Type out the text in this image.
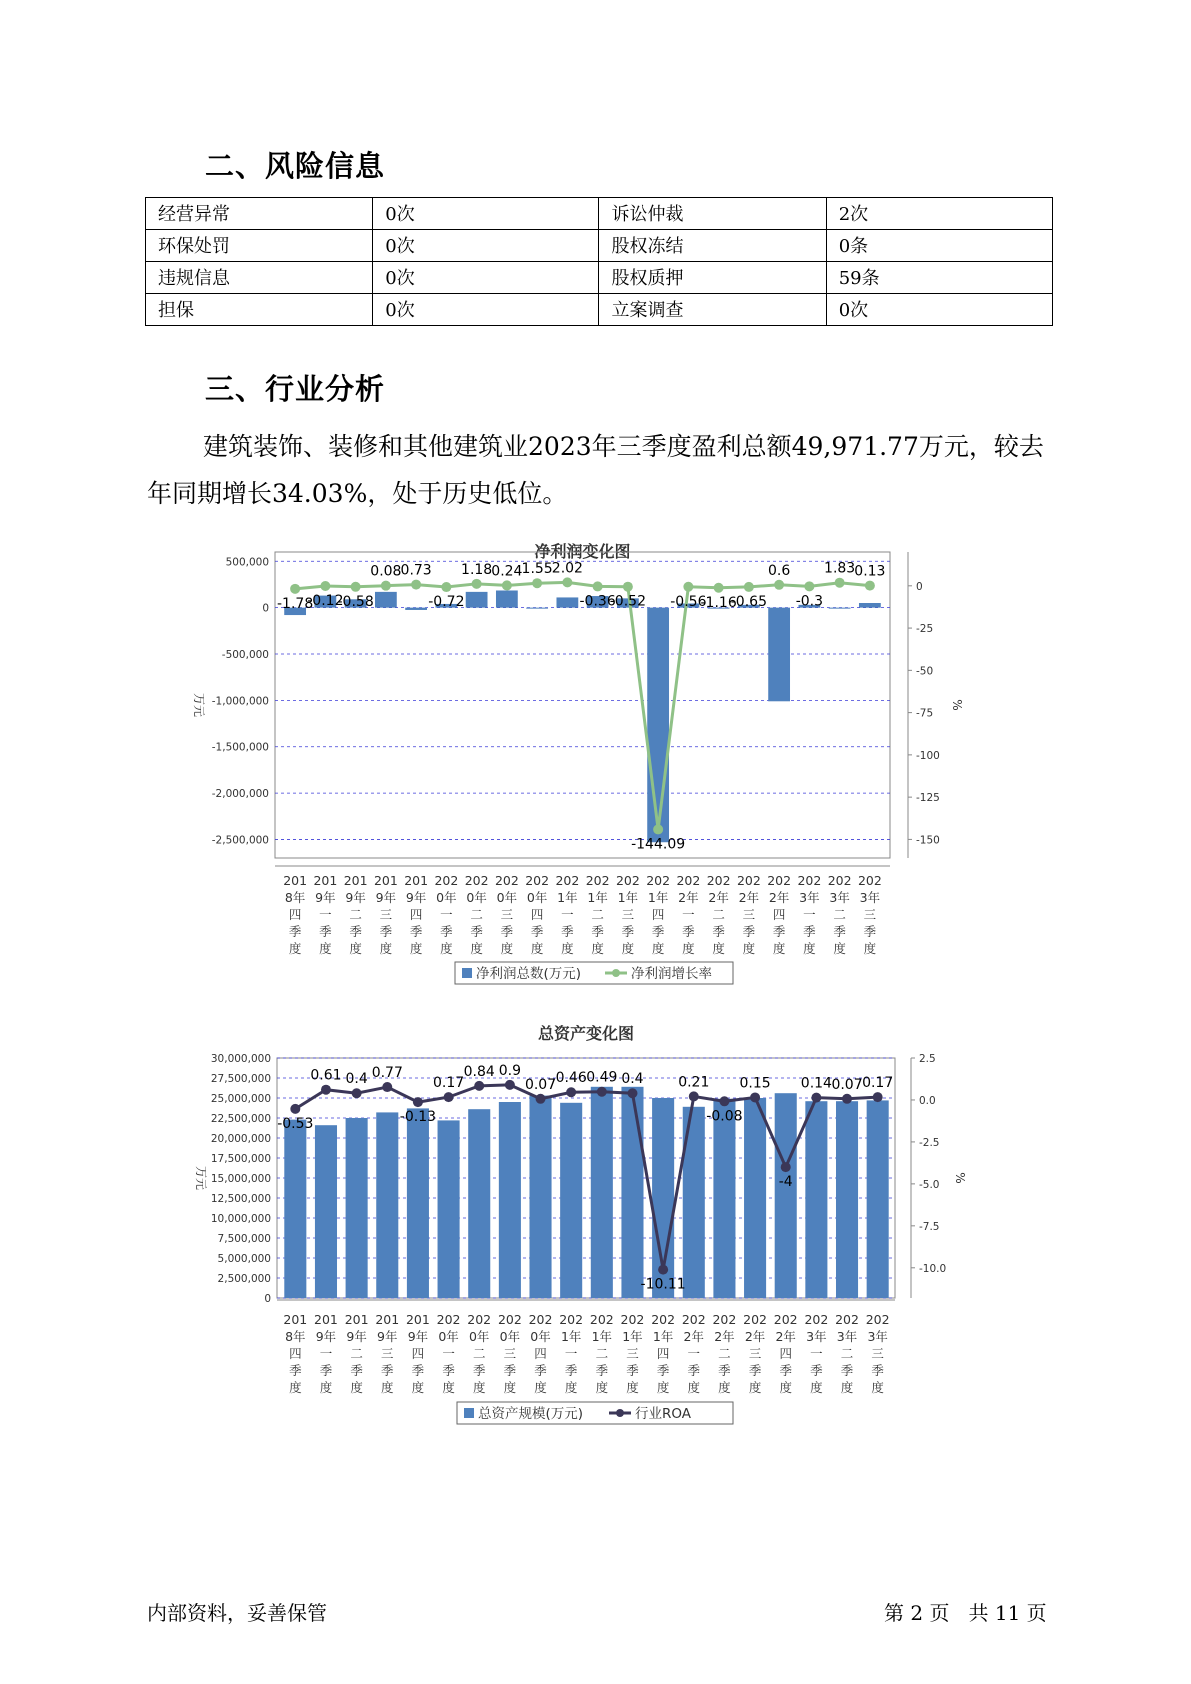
二、风险信息
经营异常	0次	诉讼仲裁	2次
环保处罚	0次	股权冻结	0条
违规信息	0次	股权质押	59条
担保	0次	立案调查	0次
三、行业分析
建筑装饰、装修和其他建筑业2023年三季度盈利总额49,971.77万元，较去年同期增长34.03%，处于历史低位。
净利润变化图
500,000
0
-500,000
-1,000,000
-1,500,000
-2,000,000
-2,500,000
0
-25
-50
-75
-100
-125
-150
万元	%
-1.78
-0.12
-0.58
0.08 0.73
-0.72
1.18 0.24 1.55 2.02
-0.36
-0.52
-144.09
-0.56
-1.16
-0.65
0.6
-0.3
1.83 0.13
201 8年四季度
201 9年一季度
201 9年二季度
201 9年三季度
201 9年四季度
202 0年一季度
202 0年二季度
202 0年三季度
202 0年四季度
202 1年一季度
202 1年二季度
202 1年三季度
202 1年四季度
202 2年一季度
202 2年二季度
202 2年三季度
202 2年四季度
202 3年一季度
202 3年二季度
202 3年三季度
净利润总数(万元)	净利润增长率
总资产变化图
30,000,000
27,500,000
25,000,000
22,500,000
20,000,000
17,500,000
15,000,000
12,500,000
10,000,000
7,500,000
5,000,000
2,500,000
0
2.5
0.0
-2.5
-5.0
-7.5
-10.0
万元	%
-0.53
0.61 0.4 0.77
-0.13
0.17
0.84 0.9
0.07 0.46 0.49 0.4
-10.11
0.21
-0.08
0.15
-4
0.14 0.07 0.17
201 8年四季度
201 9年一季度
201 9年二季度
201 9年三季度
201 9年四季度
202 0年一季度
202 0年二季度
202 0年三季度
202 0年四季度
202 1年一季度
202 1年二季度
202 1年三季度
202 1年四季度
202 2年一季度
202 2年二季度
202 2年三季度
202 2年四季度
202 3年一季度
202 3年二季度
202 3年三季度
总资产规模(万元)	行业ROA
内部资料，妥善保管	第 2 页   共 11 页
